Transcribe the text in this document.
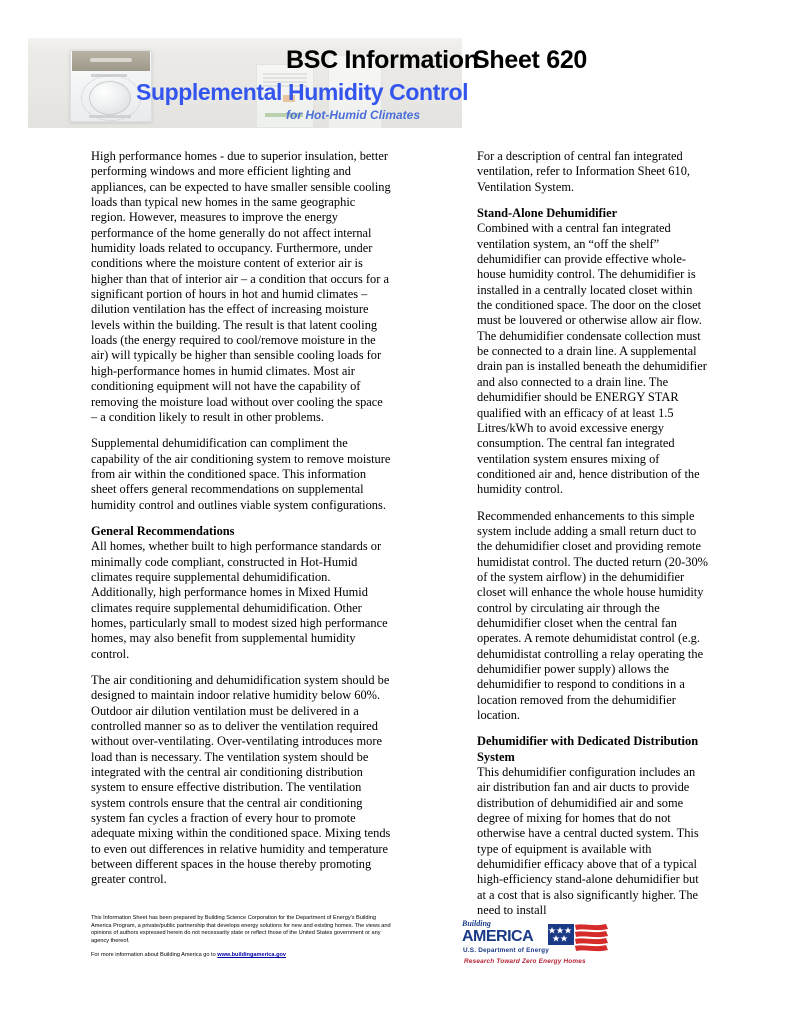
BSC Information
Sheet 620
Supplemental Humidity Control
for Hot-Humid Climates

High performance homes - due to superior insulation, better performing windows and more efficient lighting and appliances, can be expected to have smaller sensible cooling loads than typical new homes in the same geographic region. However, measures to improve the energy performance of the home generally do not affect internal humidity loads related to occupancy. Furthermore, under conditions where the moisture content of exterior air is higher than that of interior air – a condition that occurs for a significant portion of hours in hot and humid climates – dilution ventilation has the effect of increasing moisture levels within the building. The result is that latent cooling loads (the energy required to cool/remove moisture in the air) will typically be higher than sensible cooling loads for high-performance homes in humid climates. Most air conditioning equipment will not have the capability of removing the moisture load without over cooling the space – a condition likely to result in other problems.

Supplemental dehumidification can compliment the capability of the air conditioning system to remove moisture from air within the conditioned space. This information sheet offers general recommendations on supplemental humidity control and outlines viable system configurations.

General Recommendations

All homes, whether built to high performance standards or minimally code compliant, constructed in Hot-Humid climates require supplemental dehumidification. Additionally, high performance homes in Mixed Humid climates require supplemental dehumidification. Other homes, particularly small to modest sized high performance homes, may also benefit from supplemental humidity control.

The air conditioning and dehumidification system should be designed to maintain indoor relative humidity below 60%. Outdoor air dilution ventilation must be delivered in a controlled manner so as to deliver the ventilation required without over-ventilating. Over-ventilating introduces more load than is necessary. The ventilation system should be integrated with the central air conditioning distribution system to ensure effective distribution. The ventilation system controls ensure that the central air conditioning system fan cycles a fraction of every hour to promote adequate mixing within the conditioned space. Mixing tends to even out differences in relative humidity and temperature between different spaces in the house thereby promoting greater control.

For a description of central fan integrated ventilation, refer to Information Sheet 610, Ventilation System.

Stand-Alone Dehumidifier

Combined with a central fan integrated ventilation system, an “off the shelf” dehumidifier can provide effective whole-house humidity control. The dehumidifier is installed in a centrally located closet within the conditioned space. The door on the closet must be louvered or otherwise allow air flow. The dehumidifier condensate collection must be connected to a drain line. A supplemental drain pan is installed beneath the dehumidifier and also connected to a drain line. The dehumidifier should be ENERGY STAR qualified with an efficacy of at least 1.5 Litres/kWh to avoid excessive energy consumption. The central fan integrated ventilation system ensures mixing of conditioned air and, hence distribution of the humidity control.

Recommended enhancements to this simple system include adding a small return duct to the dehumidifier closet and providing remote humidistat control. The ducted return (20-30% of the system airflow) in the dehumidifier closet will enhance the whole house humidity control by circulating air through the dehumidifier closet when the central fan operates. A remote dehumidistat control (e.g. dehumidistat controlling a relay operating the dehumidifier power supply) allows the dehumidifier to respond to conditions in a location removed from the dehumidifier location.

Dehumidifier with Dedicated Distribution System

This dehumidifier configuration includes an air distribution fan and air ducts to provide distribution of dehumidified air and some degree of mixing for homes that do not otherwise have a central ducted system. This type of equipment is available with dehumidifier efficacy above that of a typical high-efficiency stand-alone dehumidifier but at a cost that is also significantly higher. The need to install

This Information Sheet has been prepared by Building Science Corporation for the Department of Energy's Building America Program, a private/public partnership that develops energy solutions for new and existing homes. The views and opinions of authors expressed herein do not necessarily state or reflect those of the United States government or any agency thereof.

For more information about Building America go to www.buildingamerica.gov

Building
AMERICA
U.S. Department of Energy
Research Toward Zero Energy Homes
